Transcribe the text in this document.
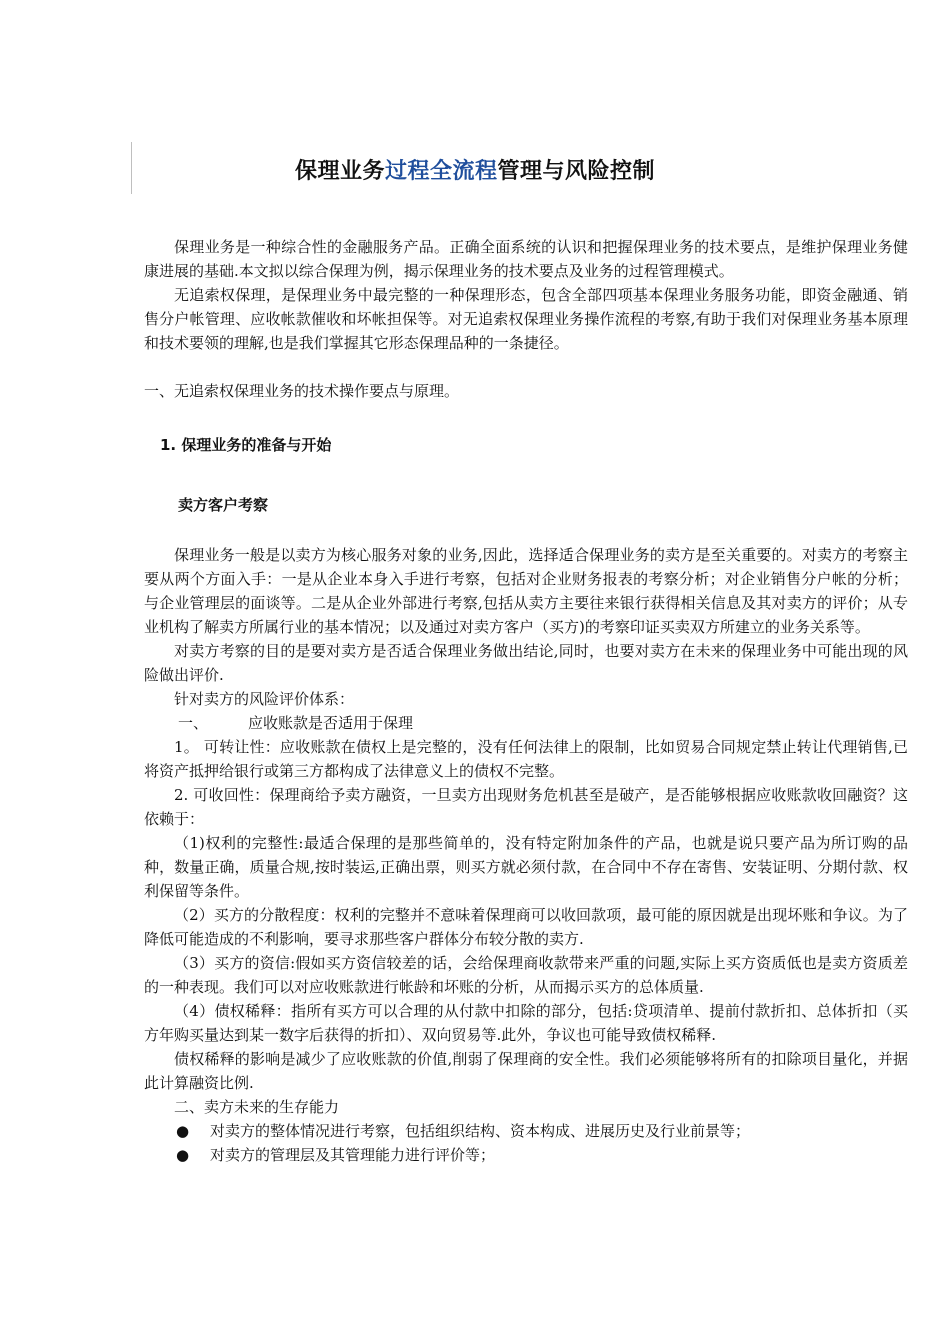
保理业务过程全流程管理与风险控制

保理业务是一种综合性的金融服务产品。正确全面系统的认识和把握保理业务的技术要点，是维护保理业务健康进展的基础.本文拟以综合保理为例，揭示保理业务的技术要点及业务的过程管理模式。

无追索权保理，是保理业务中最完整的一种保理形态，包含全部四项基本保理业务服务功能，即资金融通、销售分户帐管理、应收帐款催收和坏帐担保等。对无追索权保理业务操作流程的考察,有助于我们对保理业务基本原理和技术要领的理解,也是我们掌握其它形态保理品种的一条捷径。

一、无追索权保理业务的技术操作要点与原理。

1. 保理业务的准备与开始

卖方客户考察

保理业务一般是以卖方为核心服务对象的业务,因此，选择适合保理业务的卖方是至关重要的。对卖方的考察主要从两个方面入手：一是从企业本身入手进行考察，包括对企业财务报表的考察分析；对企业销售分户帐的分析；与企业管理层的面谈等。二是从企业外部进行考察,包括从卖方主要往来银行获得相关信息及其对卖方的评价；从专业机构了解卖方所属行业的基本情况；以及通过对卖方客户（买方)的考察印证买卖双方所建立的业务关系等。

对卖方考察的目的是要对卖方是否适合保理业务做出结论,同时，也要对卖方在未来的保理业务中可能出现的风险做出评价.

针对卖方的风险评价体系：

一、	应收账款是否适用于保理

1。 可转让性：应收账款在债权上是完整的，没有任何法律上的限制，比如贸易合同规定禁止转让代理销售,已将资产抵押给银行或第三方都构成了法律意义上的债权不完整。

2. 可收回性：保理商给予卖方融资，一旦卖方出现财务危机甚至是破产，是否能够根据应收账款收回融资？这依赖于：

（1)权利的完整性:最适合保理的是那些简单的，没有特定附加条件的产品，也就是说只要产品为所订购的品种，数量正确，质量合规,按时装运,正确出票，则买方就必须付款，在合同中不存在寄售、安装证明、分期付款、权利保留等条件。

（2）买方的分散程度：权利的完整并不意味着保理商可以收回款项，最可能的原因就是出现坏账和争议。为了降低可能造成的不利影响，要寻求那些客户群体分布较分散的卖方.

（3）买方的资信:假如买方资信较差的话，会给保理商收款带来严重的问题,实际上买方资质低也是卖方资质差的一种表现。我们可以对应收账款进行帐龄和坏账的分析，从而揭示买方的总体质量.

（4）债权稀释：指所有买方可以合理的从付款中扣除的部分，包括:贷项清单、提前付款折扣、总体折扣（买方年购买量达到某一数字后获得的折扣）、双向贸易等.此外，争议也可能导致债权稀释.

债权稀释的影响是减少了应收账款的价值,削弱了保理商的安全性。我们必须能够将所有的扣除项目量化，并据此计算融资比例.

二、卖方未来的生存能力

●	对卖方的整体情况进行考察，包括组织结构、资本构成、进展历史及行业前景等；
●	对卖方的管理层及其管理能力进行评价等；
